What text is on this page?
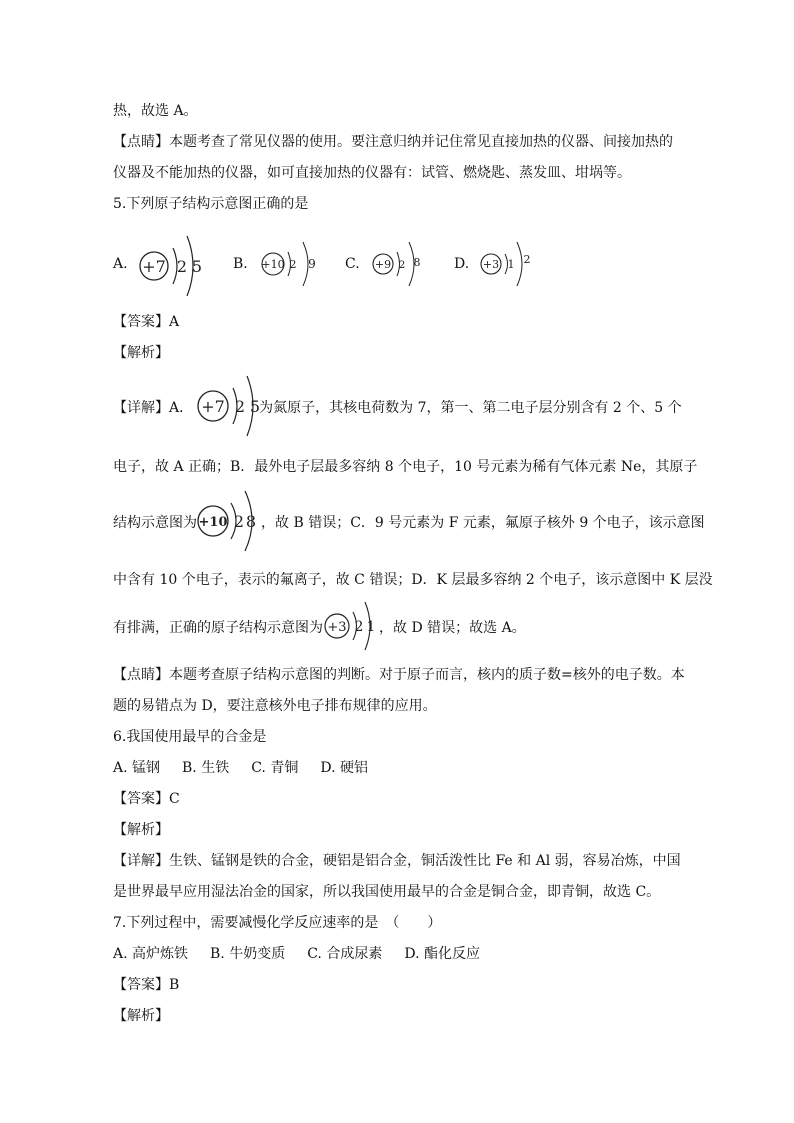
热，故选 A。
【点睛】本题考查了常见仪器的使用。要注意归纳并记住常见直接加热的仪器、间接加热的
仪器及不能加热的仪器，如可直接加热的仪器有：试管、燃烧匙、蒸发皿、坩埚等。
5.下列原子结构示意图正确的是
A. +7 2 5 B. +10 2 9 C. +9 2 8 D. +3 1 2
【答案】A
【解析】
【详解】A． +7 2 5
为氮原子，其核电荷数为 7，第一、第二电子层分别含有 2 个、5 个
电子，故 A 正确；B．最外电子层最多容纳 8 个电子，10 号元素为稀有气体元素 Ne，其原子
结构示意图为 +10 2 8 ，故 B 错误；C．9 号元素为 F 元素，氟原子核外 9 个电子，该示意图
中含有 10 个电子，表示的氟离子，故 C 错误；D．K 层最多容纳 2 个电子，该示意图中 K 层没
有排满，正确的原子结构示意图为 +3 2 1 ，故 D 错误；故选 A。
【点睛】本题考查原子结构示意图的判断。对于原子而言，核内的质子数=核外的电子数。本
题的易错点为 D，要注意核外电子排布规律的应用。
6.我国使用最早的合金是
A. 锰钢 B. 生铁 C. 青铜 D. 硬铝
【答案】C
【解析】
【详解】生铁、锰钢是铁的合金，硬铝是铝合金，铜活泼性比 Fe 和 Al 弱，容易冶炼，中国
是世界最早应用湿法冶金的国家，所以我国使用最早的合金是铜合金，即青铜，故选 C。
7.下列过程中，需要减慢化学反应速率的是　（　　）
A. 高炉炼铁 B. 牛奶变质 C. 合成尿素 D. 酯化反应
【答案】B
【解析】
